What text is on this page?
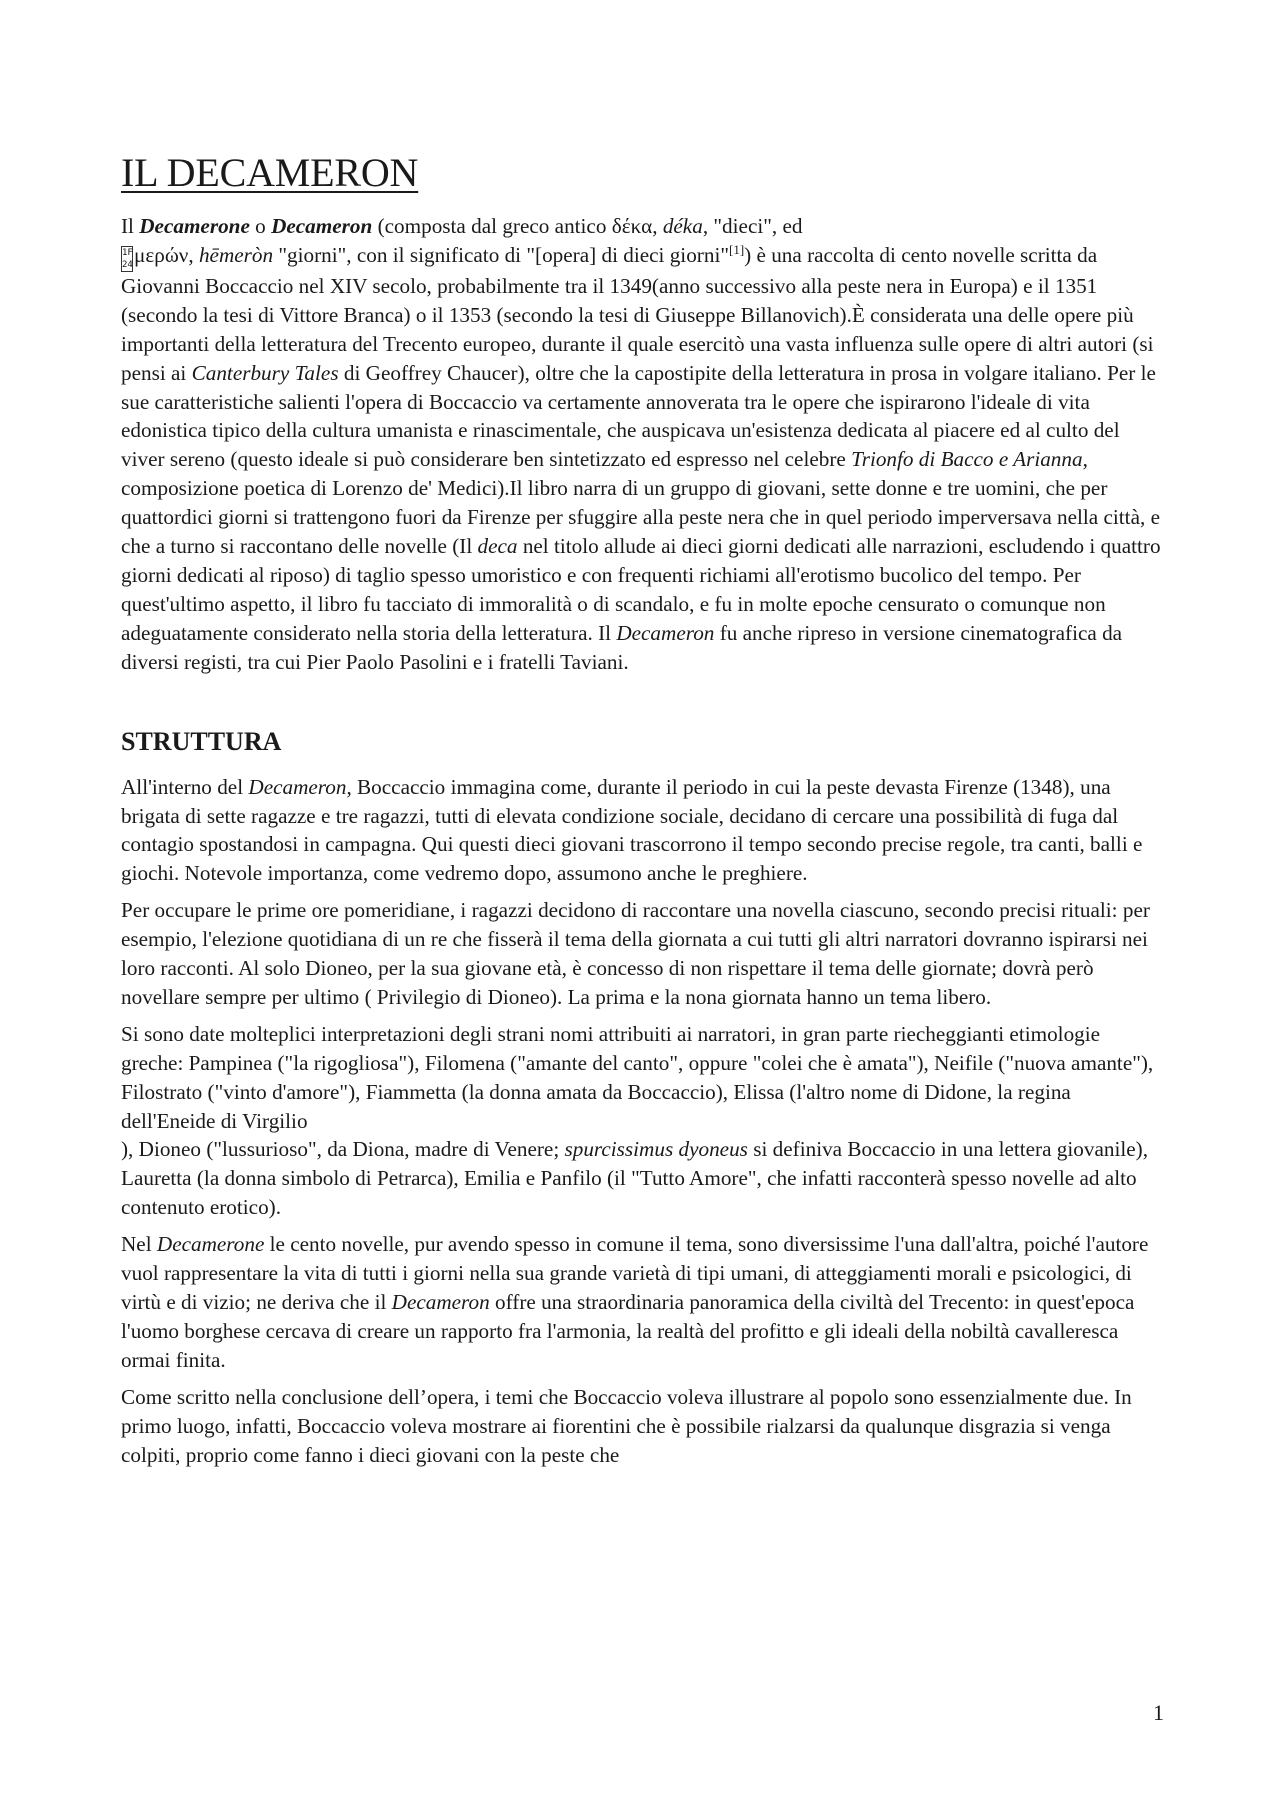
IL DECAMERON

Il Decamerone o Decameron (composta dal greco antico δέκα, déka, "dieci", ed
1F
24μερών, hēmeròn "giorni", con il significato di "[opera] di dieci giorni"[1]) è una raccolta di cento novelle scritta da Giovanni Boccaccio nel XIV secolo, probabilmente tra il 1349(anno successivo alla peste nera in Europa) e il 1351 (secondo la tesi di Vittore Branca) o il 1353 (secondo la tesi di Giuseppe Billanovich).È considerata una delle opere più importanti della letteratura del Trecento europeo, durante il quale esercitò una vasta influenza sulle opere di altri autori (si pensi ai Canterbury Tales di Geoffrey Chaucer), oltre che la capostipite della letteratura in prosa in volgare italiano. Per le sue caratteristiche salienti l'opera di Boccaccio va certamente annoverata tra le opere che ispirarono l'ideale di vita edonistica tipico della cultura umanista e rinascimentale, che auspicava un'esistenza dedicata al piacere ed al culto del viver sereno (questo ideale si può considerare ben sintetizzato ed espresso nel celebre Trionfo di Bacco e Arianna, composizione poetica di Lorenzo de' Medici).Il libro narra di un gruppo di giovani, sette donne e tre uomini, che per quattordici giorni si trattengono fuori da Firenze per sfuggire alla peste nera che in quel periodo imperversava nella città, e che a turno si raccontano delle novelle (Il deca nel titolo allude ai dieci giorni dedicati alle narrazioni, escludendo i quattro giorni dedicati al riposo) di taglio spesso umoristico e con frequenti richiami all'erotismo bucolico del tempo. Per quest'ultimo aspetto, il libro fu tacciato di immoralità o di scandalo, e fu in molte epoche censurato o comunque non adeguatamente considerato nella storia della letteratura. Il Decameron fu anche ripreso in versione cinematografica da diversi registi, tra cui Pier Paolo Pasolini e i fratelli Taviani.

STRUTTURA

All'interno del Decameron, Boccaccio immagina come, durante il periodo in cui la peste devasta Firenze (1348), una brigata di sette ragazze e tre ragazzi, tutti di elevata condizione sociale, decidano di cercare una possibilità di fuga dal contagio spostandosi in campagna. Qui questi dieci giovani trascorrono il tempo secondo precise regole, tra canti, balli e giochi. Notevole importanza, come vedremo dopo, assumono anche le preghiere.

Per occupare le prime ore pomeridiane, i ragazzi decidono di raccontare una novella ciascuno, secondo precisi rituali: per esempio, l'elezione quotidiana di un re che fisserà il tema della giornata a cui tutti gli altri narratori dovranno ispirarsi nei loro racconti. Al solo Dioneo, per la sua giovane età, è concesso di non rispettare il tema delle giornate; dovrà però novellare sempre per ultimo ( Privilegio di Dioneo). La prima e la nona giornata hanno un tema libero.

Si sono date molteplici interpretazioni degli strani nomi attribuiti ai narratori, in gran parte riecheggianti etimologie greche: Pampinea ("la rigogliosa"), Filomena ("amante del canto", oppure "colei che è amata"), Neifile ("nuova amante"), Filostrato ("vinto d'amore"), Fiammetta (la donna amata da Boccaccio), Elissa (l'altro nome di Didone, la regina dell'Eneide di Virgilio
), Dioneo ("lussurioso", da Diona, madre di Venere; spurcissimus dyoneus si definiva Boccaccio in una lettera giovanile), Lauretta (la donna simbolo di Petrarca), Emilia e Panfilo (il "Tutto Amore", che infatti racconterà spesso novelle ad alto contenuto erotico).

Nel Decamerone le cento novelle, pur avendo spesso in comune il tema, sono diversissime l'una dall'altra, poiché l'autore vuol rappresentare la vita di tutti i giorni nella sua grande varietà di tipi umani, di atteggiamenti morali e psicologici, di virtù e di vizio; ne deriva che il Decameron offre una straordinaria panoramica della civiltà del Trecento: in quest'epoca l'uomo borghese cercava di creare un rapporto fra l'armonia, la realtà del profitto e gli ideali della nobiltà cavalleresca ormai finita.

Come scritto nella conclusione dell’opera, i temi che Boccaccio voleva illustrare al popolo sono essenzialmente due. In primo luogo, infatti, Boccaccio voleva mostrare ai fiorentini che è possibile rialzarsi da qualunque disgrazia si venga colpiti, proprio come fanno i dieci giovani con la peste che

1
